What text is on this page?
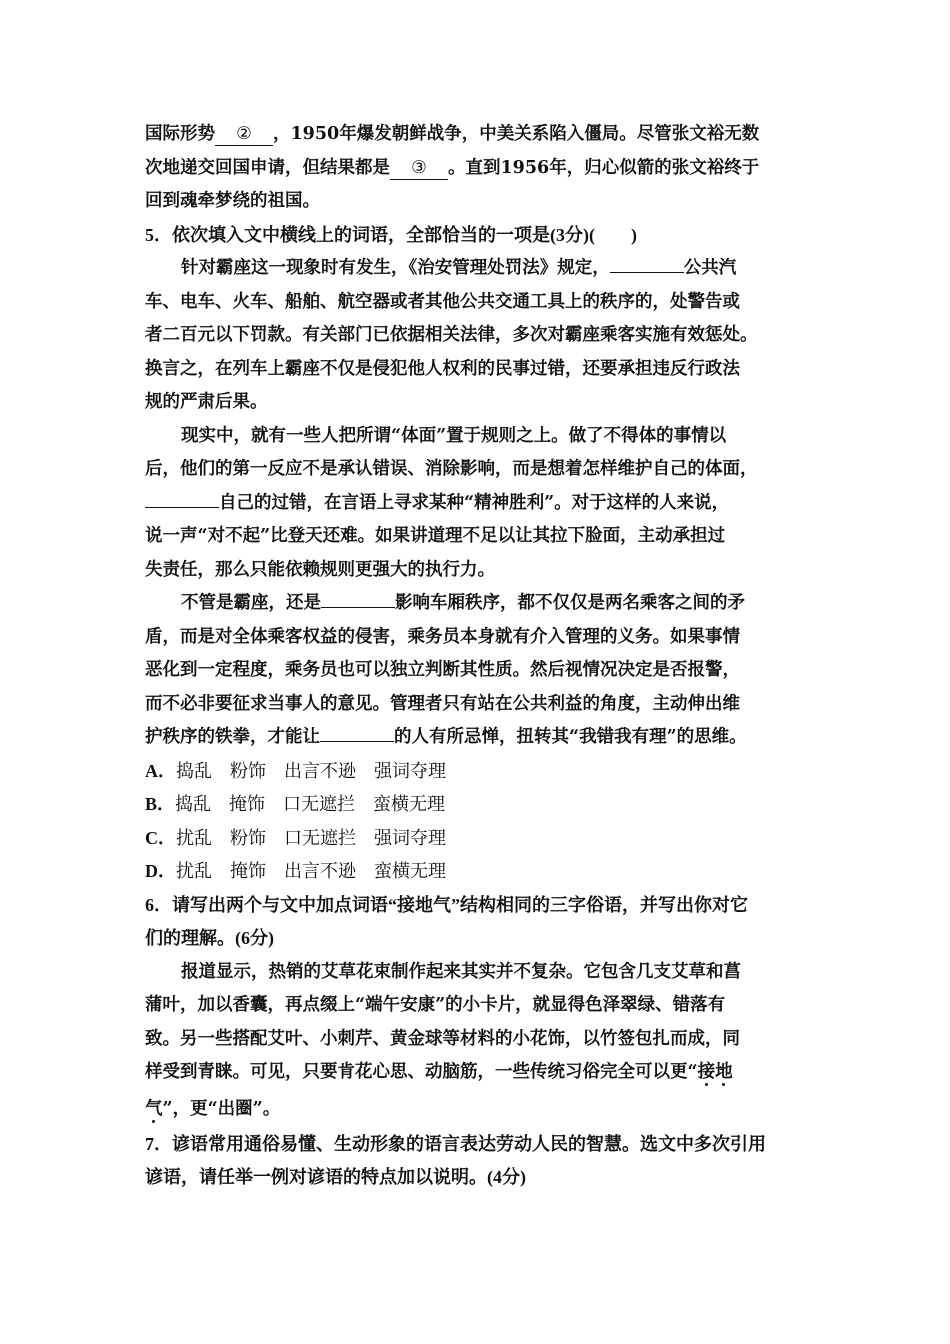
国际形势 ② ，1950年爆发朝鲜战争，中美关系陷入僵局。尽管张文裕无数
次地递交回国申请，但结果都是 ③ 。直到1956年，归心似箭的张文裕终于
回到魂牵梦绕的祖国。
5．依次填入文中横线上的词语，全部恰当的一项是(3分)(　　)
针对霸座这一现象时有发生，《治安管理处罚法》规定，	公共汽
车、电车、火车、船舶、航空器或者其他公共交通工具上的秩序的，处警告或
者二百元以下罚款。有关部门已依据相关法律，多次对霸座乘客实施有效惩处。
换言之，在列车上霸座不仅是侵犯他人权利的民事过错，还要承担违反行政法
规的严肃后果。
现实中，就有一些人把所谓“体面”置于规则之上。做了不得体的事情以
后，他们的第一反应不是承认错误、消除影响，而是想着怎样维护自己的体面，
自己的过错，在言语上寻求某种“精神胜利”。对于这样的人来说，
说一声“对不起”比登天还难。如果讲道理不足以让其拉下脸面，主动承担过
失责任，那么只能依赖规则更强大的执行力。
不管是霸座，还是	影响车厢秩序，都不仅仅是两名乘客之间的矛
盾，而是对全体乘客权益的侵害，乘务员本身就有介入管理的义务。如果事情
恶化到一定程度，乘务员也可以独立判断其性质。然后视情况决定是否报警，
而不必非要征求当事人的意见。管理者只有站在公共利益的角度，主动伸出维
护秩序的铁拳，才能让	的人有所忌惮，扭转其“我错我有理”的思维。
A．捣乱　粉饰　出言不逊　强词夺理
B．捣乱　掩饰　口无遮拦　蛮横无理
C．扰乱　粉饰　口无遮拦　强词夺理
D．扰乱　掩饰　出言不逊　蛮横无理
6．请写出两个与文中加点词语“接地气”结构相同的三字俗语，并写出你对它
们的理解。(6分)
报道显示，热销的艾草花束制作起来其实并不复杂。它包含几支艾草和菖
蒲叶，加以香囊，再点缀上“端午安康”的小卡片，就显得色泽翠绿、错落有
致。另一些搭配艾叶、小刺芹、黄金球等材料的小花饰，以竹签包扎而成，同
样受到青睐。可见，只要肯花心思、动脑筋，一些传统习俗完全可以更“接地
气”，更“出圈”。
7．谚语常用通俗易懂、生动形象的语言表达劳动人民的智慧。选文中多次引用
谚语，请任举一例对谚语的特点加以说明。(4分)
